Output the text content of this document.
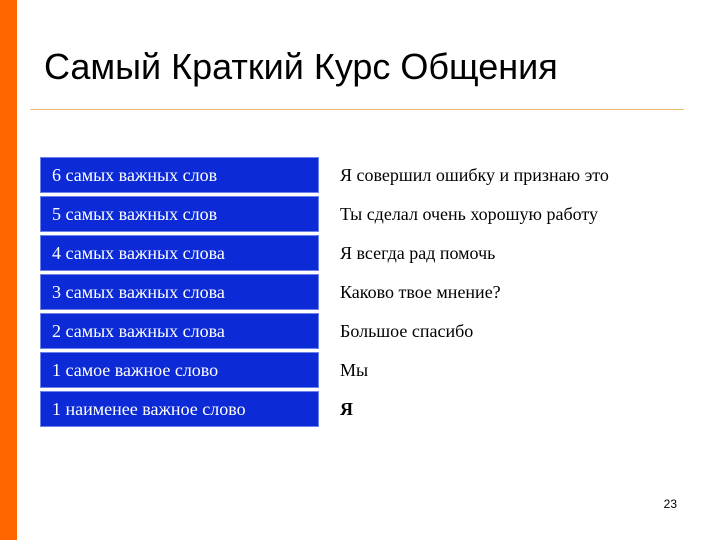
Самый Краткий Курс Общения
6 самых важных слов	Я совершил ошибку и признаю это
5 самых важных слов	Ты сделал очень хорошую работу
4 самых важных слова	Я всегда рад помочь
3 самых важных слова	Каково твое мнение?
2 самых важных слова	Большое спасибо
1 самое важное слово	Мы
1 наименее важное слово	Я
23
